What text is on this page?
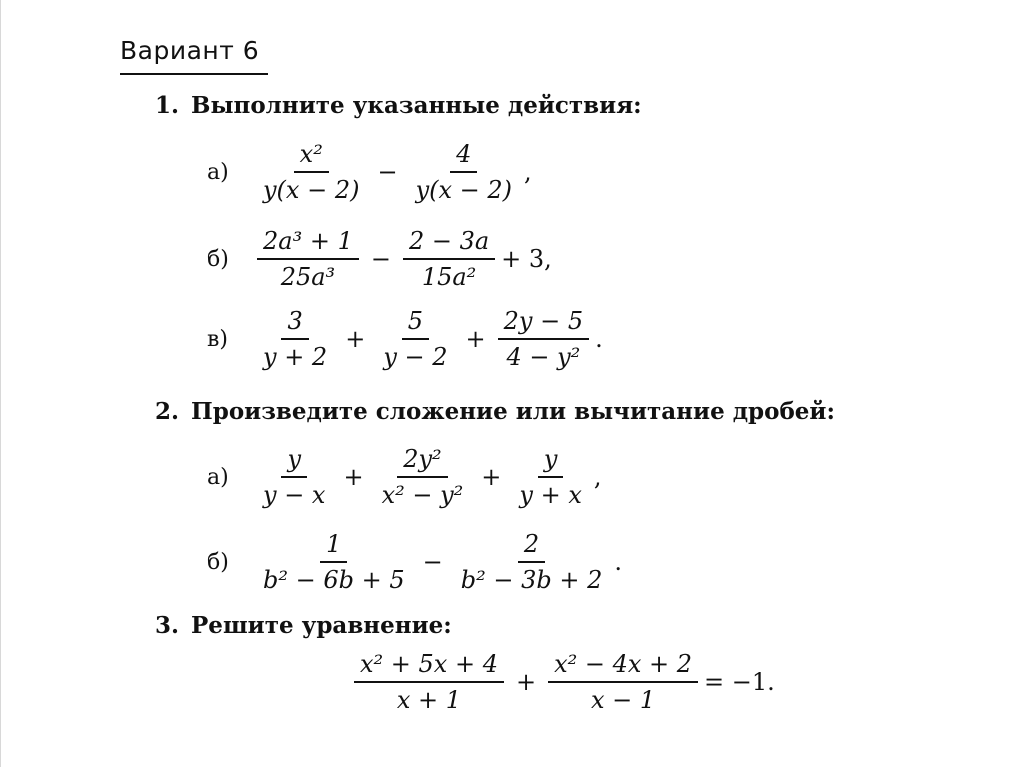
Вариант 6
1. Выполните указанные действия:
а)	$\frac{\text{x²}}{y(x - 2)} - \frac{4}{y(x - 2)}$ ,
б)	$\frac{\text{2a³ + 1}}{\text{25a³}} - \frac{2 - 3a}{\text{15a²}} + 3$,
в)	$\frac{3}{y + 2} + \frac{5}{y - 2} + \frac{2y - 5}{\text{4 − y²}}$ .
2. Произведите сложение или вычитание дробей:
а)	$\frac{y}{y - x} + \frac{\text{2y²}}{\text{x² − y²}} + \frac{y}{y + x}$ ,
б)	$\frac{1}{\text{b² − 6b + 5}} - \frac{2}{\text{b² − 3b + 2}}$ .
3. Решите уравнение:
$\frac{\text{x² + 5x + 4}}{x + 1} + \frac{\text{x² − 4x + 2}}{x - 1} = -1$.
